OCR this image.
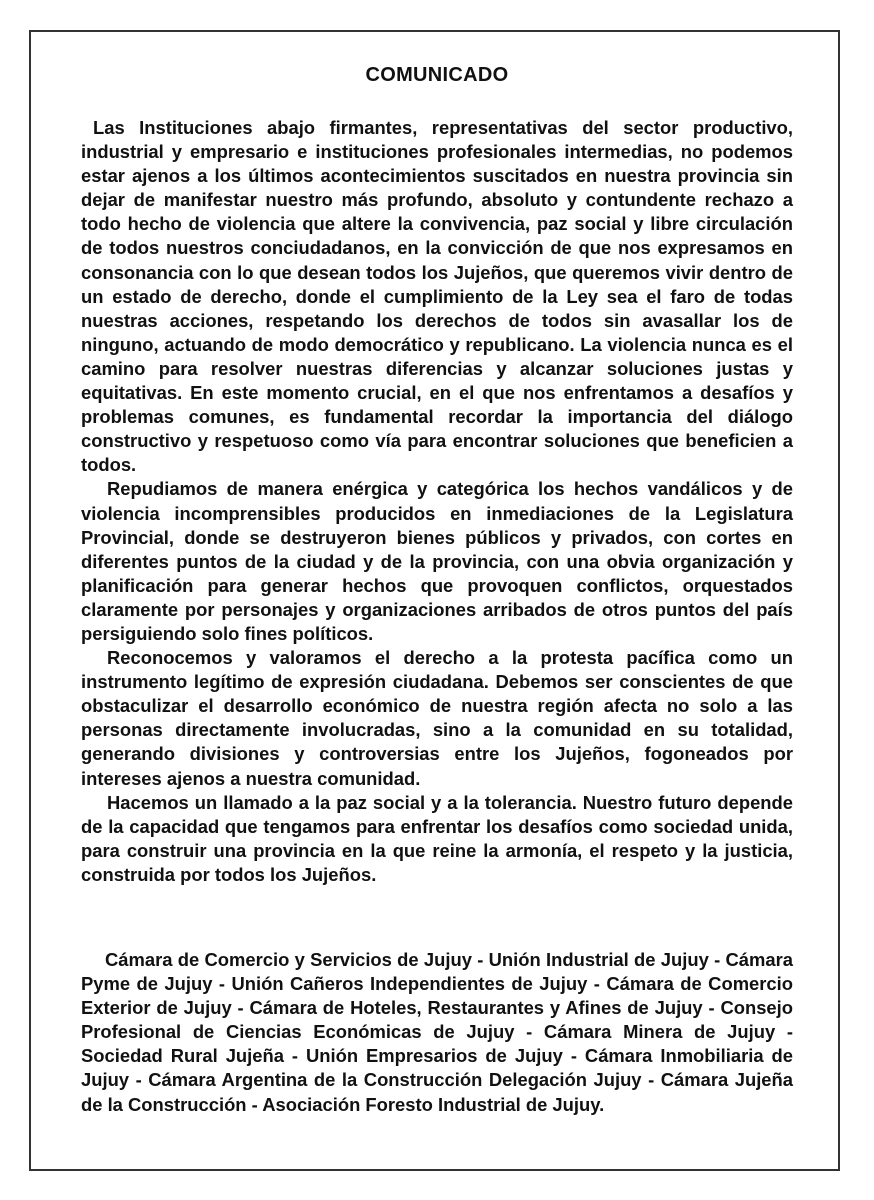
COMUNICADO

Las Instituciones abajo firmantes, representativas del sector productivo, industrial y empresario e instituciones profesionales intermedias, no podemos estar ajenos a los últimos acontecimientos suscitados en nuestra provincia sin dejar de manifestar nuestro más profundo, absoluto y contundente rechazo a todo hecho de violencia que altere la convivencia, paz social y libre circulación de todos nuestros conciudadanos, en la convicción de que nos expresamos en consonancia con lo que desean todos los Jujeños, que queremos vivir dentro de un estado de derecho, donde el cumplimiento de la Ley sea el faro de todas nuestras acciones, respetando los derechos de todos sin avasallar los de ninguno, actuando de modo democrático y republicano. La violencia nunca es el camino para resolver nuestras diferencias y alcanzar soluciones justas y equitativas. En este momento crucial, en el que nos enfrentamos a desafíos y problemas comunes, es fundamental recordar la importancia del diálogo constructivo y respetuoso como vía para encontrar soluciones que beneficien a todos.

Repudiamos de manera enérgica y categórica los hechos vandálicos y de violencia incomprensibles producidos en inmediaciones de la Legislatura Provincial, donde se destruyeron bienes públicos y privados, con cortes en diferentes puntos de la ciudad y de la provincia, con una obvia organización y planificación para generar hechos que provoquen conflictos, orquestados claramente por personajes y organizaciones arribados de otros puntos del país persiguiendo solo fines políticos.

Reconocemos y valoramos el derecho a la protesta pacífica como un instrumento legítimo de expresión ciudadana. Debemos ser conscientes de que obstaculizar el desarrollo económico de nuestra región afecta no solo a las personas directamente involucradas, sino a la comunidad en su totalidad, generando divisiones y controversias entre los Jujeños, fogoneados por intereses ajenos a nuestra comunidad.

Hacemos un llamado a la paz social y a la tolerancia. Nuestro futuro depende de la capacidad que tengamos para enfrentar los desafíos como sociedad unida, para construir una provincia en la que reine la armonía, el respeto y la justicia, construida por todos los Jujeños.

Cámara de Comercio y Servicios de Jujuy - Unión Industrial de Jujuy - Cámara Pyme de Jujuy - Unión Cañeros Independientes de Jujuy - Cámara de Comercio Exterior de Jujuy - Cámara de Hoteles, Restaurantes y Afines de Jujuy - Consejo Profesional de Ciencias Económicas de Jujuy - Cámara Minera de Jujuy - Sociedad Rural Jujeña - Unión Empresarios de Jujuy - Cámara Inmobiliaria de Jujuy - Cámara Argentina de la Construcción Delegación Jujuy - Cámara Jujeña de la Construcción - Asociación Foresto Industrial de Jujuy.
